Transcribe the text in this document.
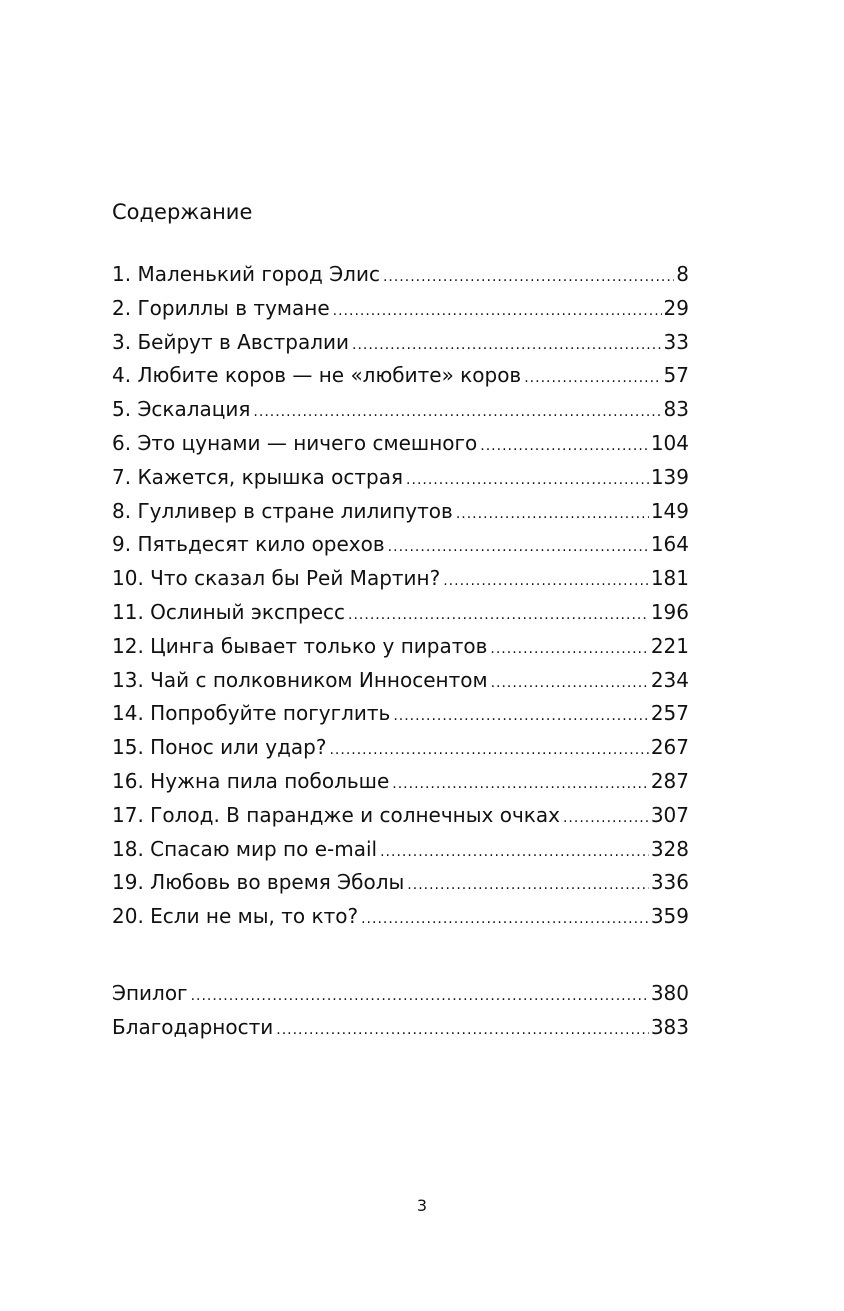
Содержание
1. Маленький город Элис .....	8
2. Гориллы в тумане .....	29
3. Бейрут в Австралии .....	33
4. Любите коров — не «любите» коров .....	57
5. Эскалация .....	83
6. Это цунами — ничего смешного .....	104
7. Кажется, крышка острая .....	139
8. Гулливер в стране лилипутов .....	149
9. Пятьдесят кило орехов .....	164
10. Что сказал бы Рей Мартин? .....	181
11. Ослиный экспресс .....	196
12. Цинга бывает только у пиратов .....	221
13. Чай с полковником Инносентом .....	234
14. Попробуйте погуглить .....	257
15. Понос или удар? .....	267
16. Нужна пила побольше .....	287
17. Голод. В парандже и солнечных очках .....	307
18. Спасаю мир по e-mail .....	328
19. Любовь во время Эболы .....	336
20. Если не мы, то кто? .....	359
Эпилог .....	380
Благодарности .....	383
3
